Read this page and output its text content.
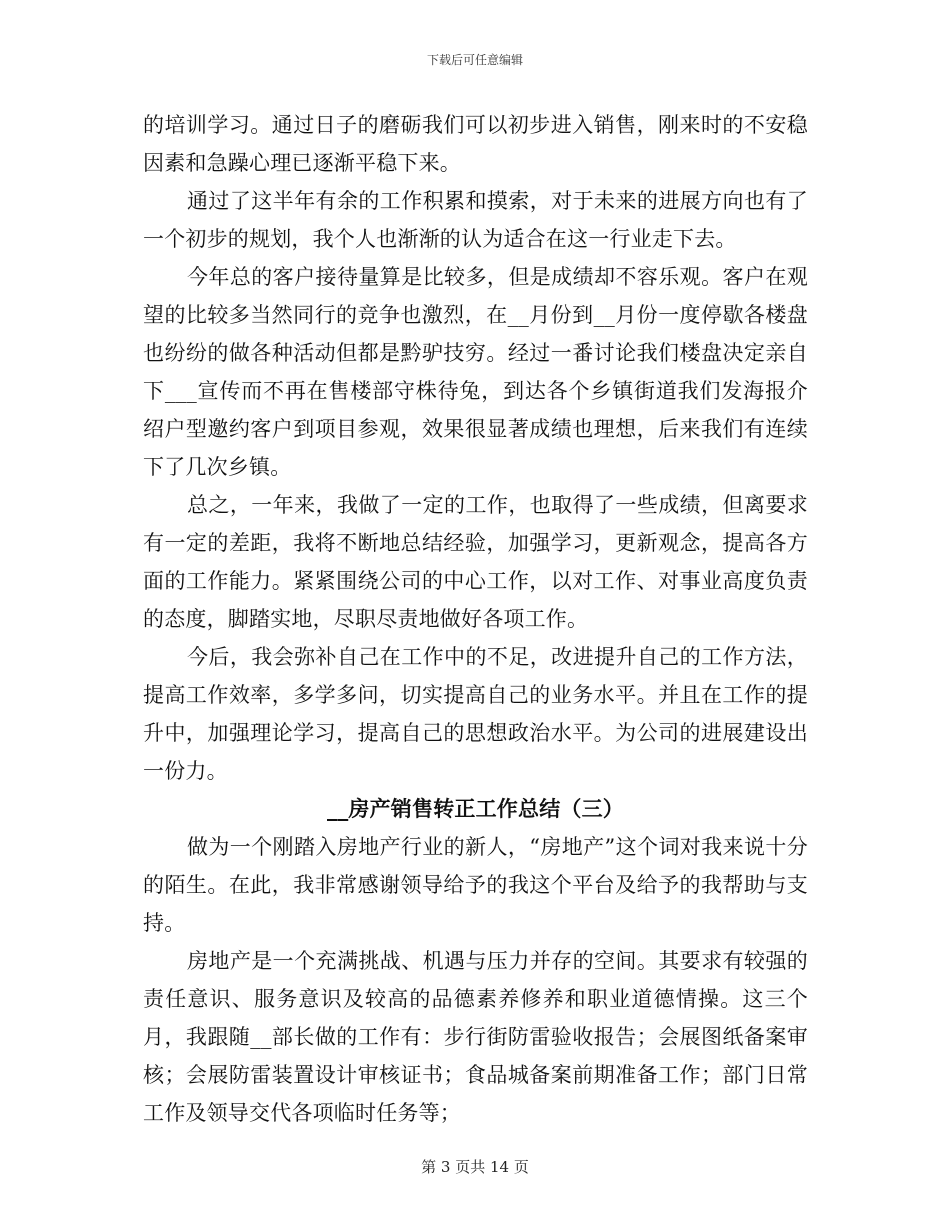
下载后可任意编辑

的培训学习。通过日子的磨砺我们可以初步进入销售，刚来时的不安稳因素和急躁心理已逐渐平稳下来。

通过了这半年有余的工作积累和摸索，对于未来的进展方向也有了一个初步的规划，我个人也渐渐的认为适合在这一行业走下去。

今年总的客户接待量算是比较多，但是成绩却不容乐观。客户在观望的比较多当然同行的竞争也激烈，在__月份到__月份一度停歇各楼盘也纷纷的做各种活动但都是黔驴技穷。经过一番讨论我们楼盘决定亲自下___宣传而不再在售楼部守株待兔，到达各个乡镇街道我们发海报介绍户型邀约客户到项目参观，效果很显著成绩也理想，后来我们有连续下了几次乡镇。

总之，一年来，我做了一定的工作，也取得了一些成绩，但离要求有一定的差距，我将不断地总结经验，加强学习，更新观念，提高各方面的工作能力。紧紧围绕公司的中心工作，以对工作、对事业高度负责的态度，脚踏实地，尽职尽责地做好各项工作。

今后，我会弥补自己在工作中的不足，改进提升自己的工作方法，提高工作效率，多学多问，切实提高自己的业务水平。并且在工作的提升中，加强理论学习，提高自己的思想政治水平。为公司的进展建设出一份力。

__房产销售转正工作总结（三）

做为一个刚踏入房地产行业的新人，“房地产”这个词对我来说十分的陌生。在此，我非常感谢领导给予的我这个平台及给予的我帮助与支持。

房地产是一个充满挑战、机遇与压力并存的空间。其要求有较强的责任意识、服务意识及较高的品德素养修养和职业道德情操。这三个月，我跟随__部长做的工作有：步行街防雷验收报告；会展图纸备案审核；会展防雷装置设计审核证书；食品城备案前期准备工作；部门日常工作及领导交代各项临时任务等；

第 3 页共 14 页
